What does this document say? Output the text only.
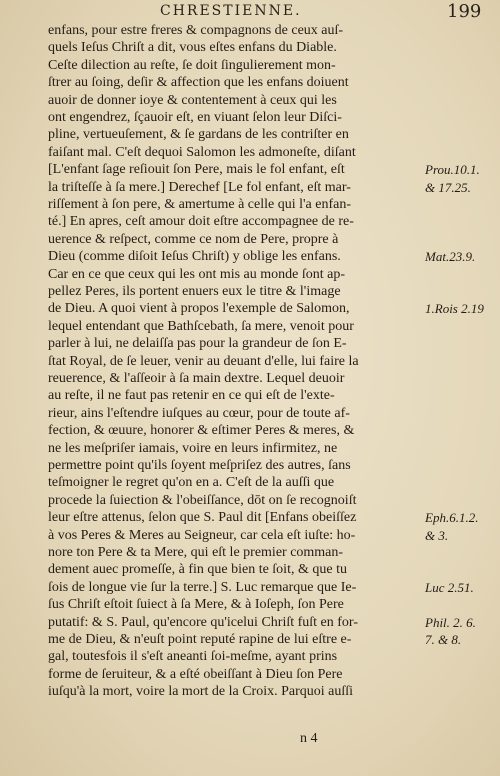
CHRESTIENNE.	199
enfans, pour estre freres & compagnons de ceux auſ-
quels Ieſus Chriſt a dit, vous eſtes enfans du Diable.
Ceſte dilection au reſte, ſe doit ſingulierement mon-
ſtrer au ſoing, deſir & affection que les enfans doiuent
auoir de donner ioye & contentement à ceux qui les
ont engendrez, ſçauoir eſt, en viuant ſelon leur Diſci-
pline, vertueuſement, & ſe gardans de les contriſter en
faiſant mal. C'eſt dequoi Salomon les admoneſte, diſant
[L'enfant ſage reſiouit ſon Pere, mais le fol enfant, eſt
la triſteſſe à ſa mere.] Derechef [Le fol enfant, eſt mar-
riſſement à ſon pere, & amertume à celle qui l'a enfan-
té.] En apres, ceſt amour doit eſtre accompagnee de re-
uerence & reſpect, comme ce nom de Pere, propre à
Dieu (comme diſoit Ieſus Chriſt) y oblige les enfans.
Car en ce que ceux qui les ont mis au monde ſont ap-
pellez Peres, ils portent enuers eux le titre & l'image
de Dieu. A quoi vient à propos l'exemple de Salomon,
lequel entendant que Bathſcebath, ſa mere, venoit pour
parler à lui, ne delaiſſa pas pour la grandeur de ſon E-
ſtat Royal, de ſe leuer, venir au deuant d'elle, lui faire la
reuerence, & l'aſſeoir à ſa main dextre. Lequel deuoir
au reſte, il ne faut pas retenir en ce qui eſt de l'exte-
rieur, ains l'eſtendre iuſques au cœur, pour de toute af-
fection, & œuure, honorer & eſtimer Peres & meres, &
ne les meſpriſer iamais, voire en leurs infirmitez, ne
permettre point qu'ils ſoyent meſpriſez des autres, ſans
teſmoigner le regret qu'on en a. C'eſt de la auſſi que
procede la ſuiection & l'obeiſſance, dōt on ſe recognoiſt
leur eſtre attenus, ſelon que S. Paul dit [Enfans obeiſſez
à vos Peres & Meres au Seigneur, car cela eſt iuſte: ho-
nore ton Pere & ta Mere, qui eſt le premier comman-
dement auec promeſſe, à fin que bien te ſoit, & que tu
ſois de longue vie ſur la terre.] S. Luc remarque que Ie-
ſus Chriſt eſtoit ſuiect à ſa Mere, & à Ioſeph, ſon Pere
putatif: & S. Paul, qu'encore qu'icelui Chriſt fuſt en for-
me de Dieu, & n'euſt point reputé rapine de lui eſtre e-
gal, toutesfois il s'eſt aneanti ſoi-meſme, ayant prins
forme de ſeruiteur, & a eſté obeiſſant à Dieu ſon Pere
iuſqu'à la mort, voire la mort de la Croix. Parquoi auſſi
Prou.10.1.
& 17.25.
Mat.23.9.
1.Rois 2.19
Eph.6.1.2.
& 3.
Luc 2.51.
Phil. 2. 6.
7. & 8.
n 4
